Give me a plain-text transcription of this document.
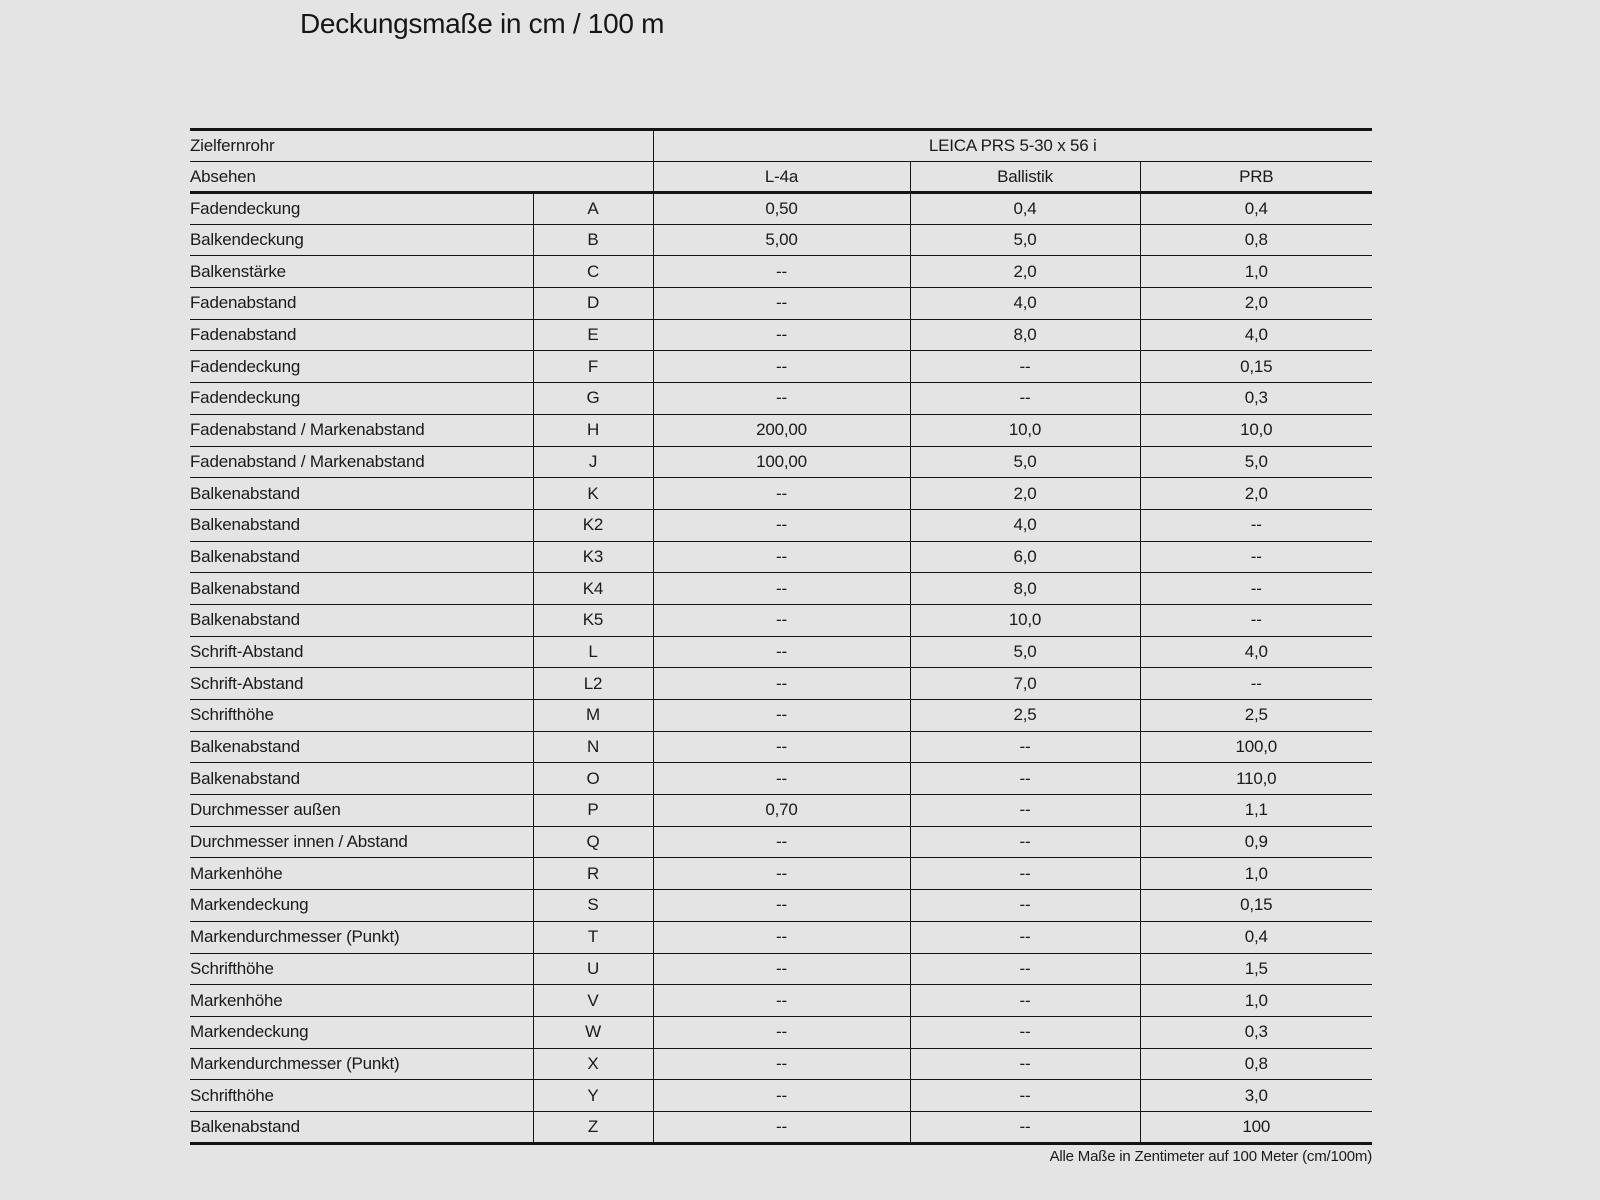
Deckungsmaße in cm / 100 m
Zielfernrohr		LEICA PRS 5-30 x 56 i		
Absehen		L-4a	Ballistik	PRB
Fadendeckung	A	0,50	0,4	0,4
Balkendeckung	B	5,00	5,0	0,8
Balkenstärke	C	--	2,0	1,0
Fadenabstand	D	--	4,0	2,0
Fadenabstand	E	--	8,0	4,0
Fadendeckung	F	--	--	0,15
Fadendeckung	G	--	--	0,3
Fadenabstand / Markenabstand	H	200,00	10,0	10,0
Fadenabstand / Markenabstand	J	100,00	5,0	5,0
Balkenabstand	K	--	2,0	2,0
Balkenabstand	K2	--	4,0	--
Balkenabstand	K3	--	6,0	--
Balkenabstand	K4	--	8,0	--
Balkenabstand	K5	--	10,0	--
Schrift-Abstand	L	--	5,0	4,0
Schrift-Abstand	L2	--	7,0	--
Schrifthöhe	M	--	2,5	2,5
Balkenabstand	N	--	--	100,0
Balkenabstand	O	--	--	110,0
Durchmesser außen	P	0,70	--	1,1
Durchmesser innen / Abstand	Q	--	--	0,9
Markenhöhe	R	--	--	1,0
Markendeckung	S	--	--	0,15
Markendurchmesser (Punkt)	T	--	--	0,4
Schrifthöhe	U	--	--	1,5
Markenhöhe	V	--	--	1,0
Markendeckung	W	--	--	0,3
Markendurchmesser (Punkt)	X	--	--	0,8
Schrifthöhe	Y	--	--	3,0
Balkenabstand	Z	--	--	100
Alle Maße in Zentimeter auf 100 Meter (cm/100m)
